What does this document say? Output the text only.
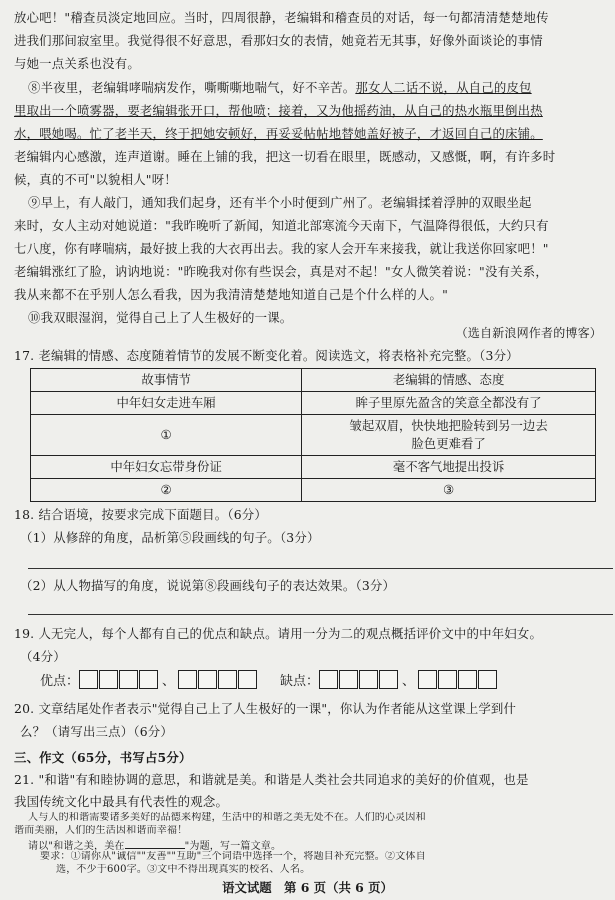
放心吧！"稽查员淡定地回应。当时，四周很静，老编辑和稽查员的对话，每一句都清清楚楚地传
进我们那间寂室里。我觉得很不好意思，看那妇女的表情，她竟若无其事，好像外面谈论的事情
与她一点关系也没有。
⑧半夜里，老编辑哮喘病发作，嘶嘶嘶地喘气，好不辛苦。那女人二话不说，从自己的皮包
里取出一个喷雾器，要老编辑张开口，帮他喷；接着，又为他摇药油，从自己的热水瓶里倒出热
水，喂她喝。忙了老半天，终于把她安顿好，再妥妥帖帖地替她盖好被子，才返回自己的床铺。
老编辑内心感激，连声道谢。睡在上铺的我，把这一切看在眼里，既感动，又感慨，啊，有许多时
候，真的不可"以貌相人"呀！
⑨早上，有人敲门，通知我们起身，还有半个小时便到广州了。老编辑揉着浮肿的双眼坐起
来时，女人主动对她说道："我昨晚听了新闻，知道北部寒流今天南下，气温降得很低，大约只有
七八度，你有哮喘病，最好披上我的大衣再出去。我的家人会开车来接我，就让我送你回家吧！"
老编辑涨红了脸，讷讷地说："昨晚我对你有些误会，真是对不起！"女人微笑着说："没有关系，
我从来都不在乎别人怎么看我，因为我清清楚楚地知道自己是个什么样的人。"
⑩我双眼湿润，觉得自己上了人生极好的一课。
（选自新浪网作者的博客）
17. 老编辑的情感、态度随着情节的发展不断变化着。阅读选文，将表格补充完整。（3分）
故事情节	老编辑的情感、态度
中年妇女走进车厢	眸子里原先盈含的笑意全都没有了
①	皱起双眉，快快地把脸转到另一边去
脸色更难看了

中年妇女忘带身份证	毫不客气地提出投诉
②	③
18. 结合语境，按要求完成下面题目。（6分）
（1）从修辞的角度，品析第⑤段画线的句子。（3分）
（2）从人物描写的角度，说说第⑧段画线句子的表达效果。（3分）
19. 人无完人，每个人都有自己的优点和缺点。请用一分为二的观点概括评价文中的中年妇女。
（4分）
优点：	、	缺点：	、
20. 文章结尾处作者表示"觉得自己上了人生极好的一课"，你认为作者能从这堂课上学到什
么？（请写出三点）（6分）
三、作文（65分，书写占5分）
21. "和谐"有和睦协调的意思，和谐就是美。和谐是人类社会共同追求的美好的价值观，也是
我国传统文化中最具有代表性的观念。
语文试题　第 6 页（共 6 页）
人与人的和谐需要诸多美好的品德来构建，生活中的和谐之美无处不在。人们的心灵因和
谐而美丽，人们的生活因和谐而幸福！
请以"和谐之美，美在	"为题，写一篇文章。
要求：①请你从"诚信""友善""互助"三个词语中选择一个，将题目补充完整。②文体自
选，不少于600字。③文中不得出现真实的校名、人名。
